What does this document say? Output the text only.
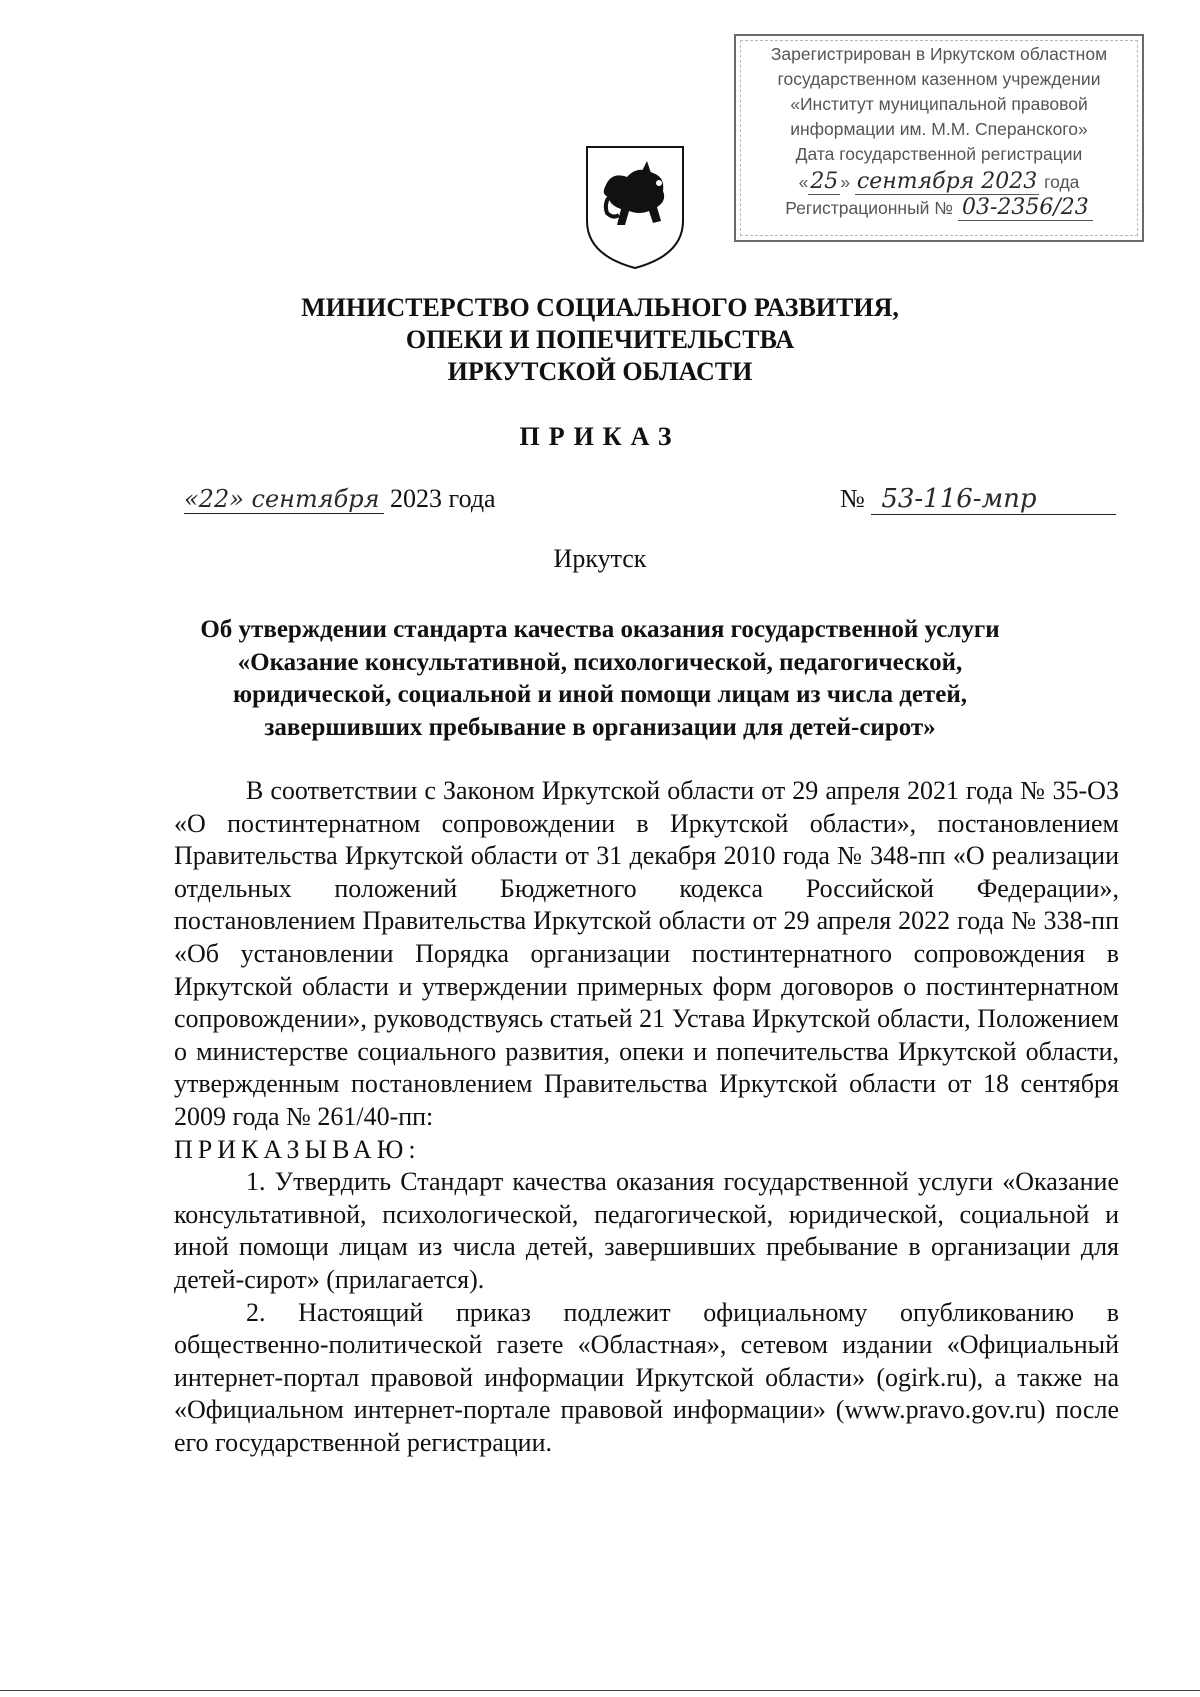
Зарегистрирован в Иркутском областном
государственном казенном учреждении
«Институт муниципальной правовой
информации им. М.М. Сперанского»
Дата государственной регистрации
«25 » сентября 2023 года
Регистрационный № 03-2356/23
МИНИСТЕРСТВО СОЦИАЛЬНОГО РАЗВИТИЯ,
ОПЕКИ И ПОПЕЧИТЕЛЬСТВА
ИРКУТСКОЙ ОБЛАСТИ
ПРИКАЗ
«22» сентября 2023 года	№ 53-116-мпр
Иркутск
Об утверждении стандарта качества оказания государственной услуги
«Оказание консультативной, психологической, педагогической,
юридической, социальной и иной помощи лицам из числа детей,
завершивших пребывание в организации для детей-сирот»

В соответствии с Законом Иркутской области от 29 апреля 2021 года № 35-ОЗ «О постинтернатном сопровождении в Иркутской области», постановлением Правительства Иркутской области от 31 декабря 2010 года № 348-пп «О реализации отдельных положений Бюджетного кодекса Российской Федерации», постановлением Правительства Иркутской области от 29 апреля 2022 года № 338-пп «Об установлении Порядка организации постинтернатного сопровождения в Иркутской области и утверждении примерных форм договоров о постинтернатном сопровождении», руководствуясь статьей 21 Устава Иркутской области, Положением о министерстве социального развития, опеки и попечительства Иркутской области, утвержденным постановлением Правительства Иркутской области от 18 сентября 2009 года № 261/40-пп:

ПРИКАЗЫВАЮ:

1. Утвердить Стандарт качества оказания государственной услуги «Оказание консультативной, психологической, педагогической, юридической, социальной и иной помощи лицам из числа детей, завершивших пребывание в организации для детей-сирот» (прилагается).

2. Настоящий приказ подлежит официальному опубликованию в общественно-политической газете «Областная», сетевом издании «Официальный интернет-портал правовой информации Иркутской области» (ogirk.ru), а также на «Официальном интернет-портале правовой информации» (www.pravo.gov.ru) после его государственной регистрации.
